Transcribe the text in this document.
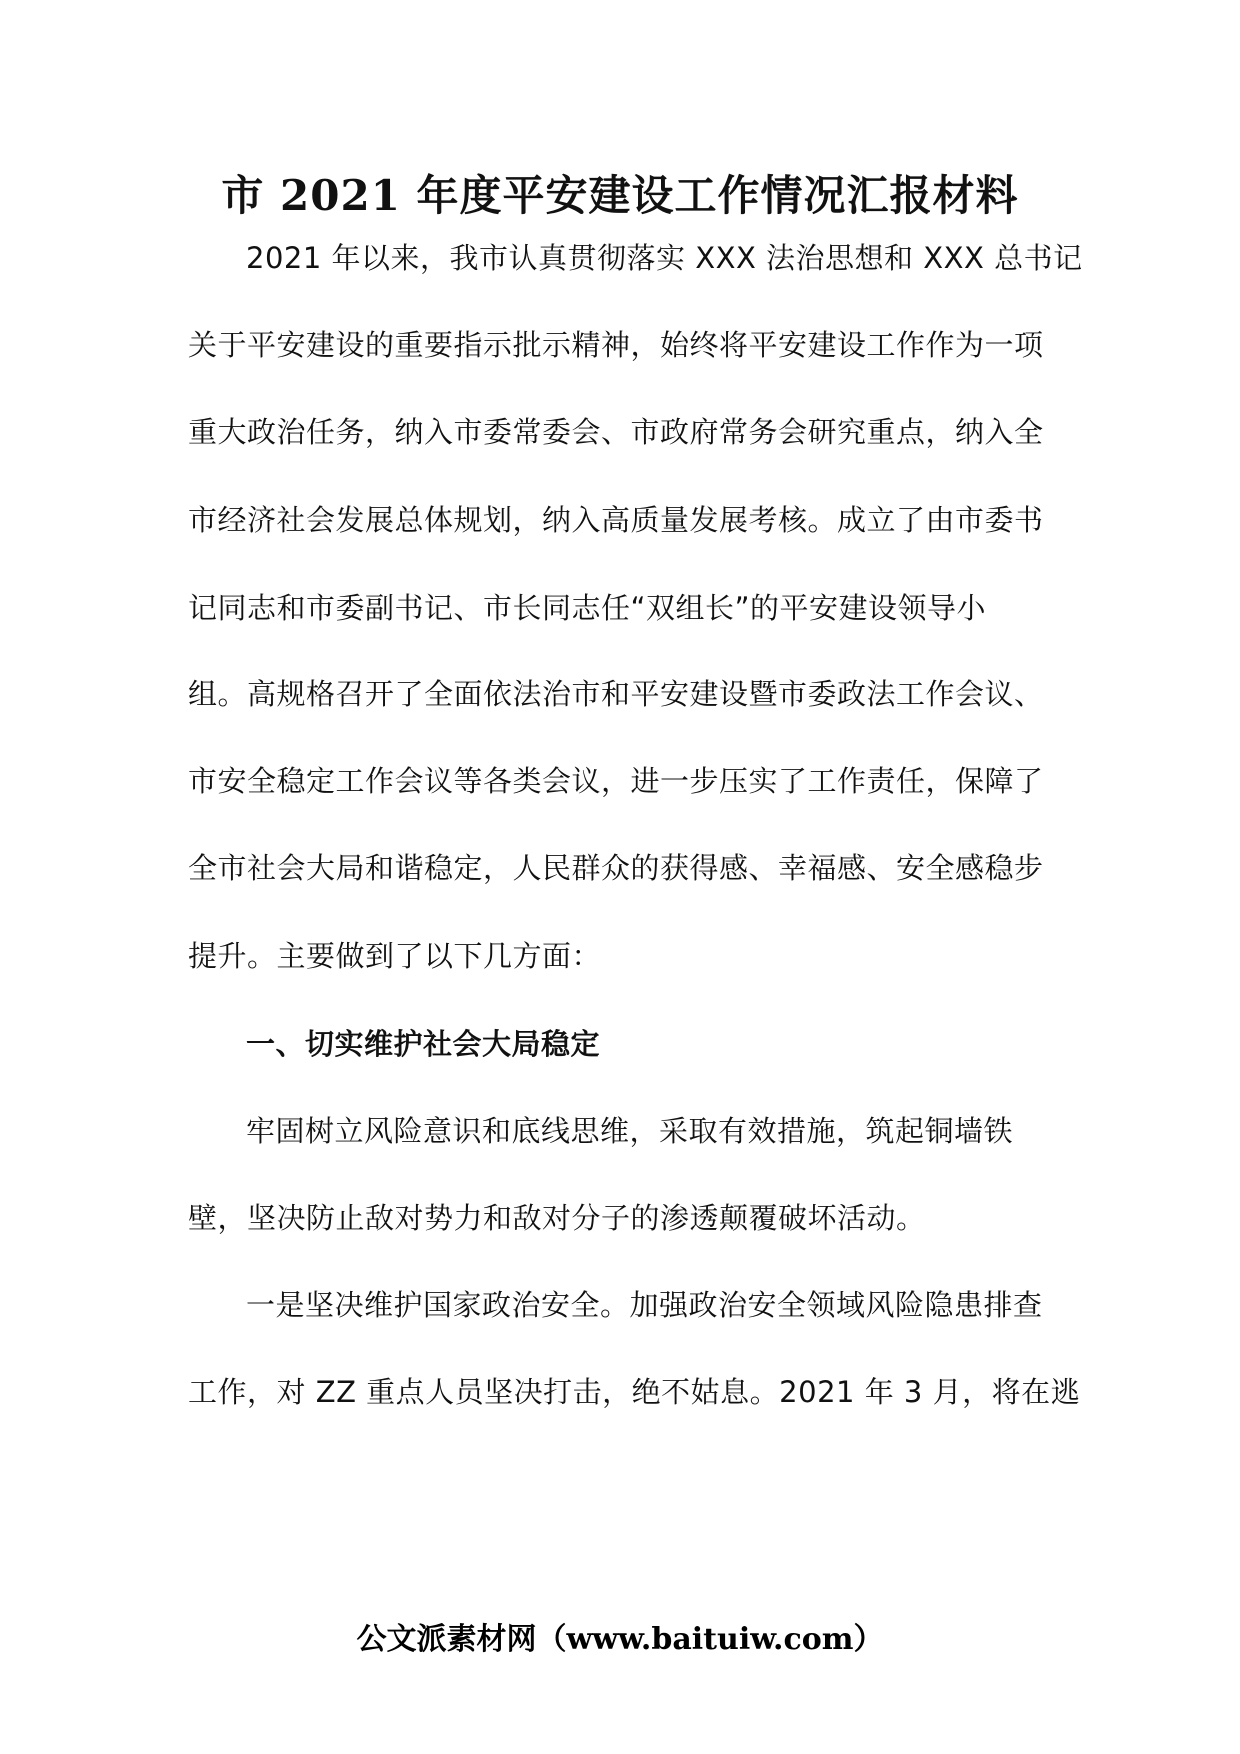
市 2021 年度平安建设工作情况汇报材料
2021 年以来，我市认真贯彻落实 XXX 法治思想和 XXX 总书记
关于平安建设的重要指示批示精神，始终将平安建设工作作为一项
重大政治任务，纳入市委常委会、市政府常务会研究重点，纳入全
市经济社会发展总体规划，纳入高质量发展考核。成立了由市委书
记同志和市委副书记、市长同志任“双组长”的平安建设领导小
组。高规格召开了全面依法治市和平安建设暨市委政法工作会议、
市安全稳定工作会议等各类会议，进一步压实了工作责任，保障了
全市社会大局和谐稳定，人民群众的获得感、幸福感、安全感稳步
提升。主要做到了以下几方面：
一、切实维护社会大局稳定
牢固树立风险意识和底线思维，采取有效措施，筑起铜墙铁
壁，坚决防止敌对势力和敌对分子的渗透颠覆破坏活动。
一是坚决维护国家政治安全。加强政治安全领域风险隐患排查
工作，对 ZZ 重点人员坚决打击，绝不姑息。2021 年 3 月，将在逃
公文派素材网（www.baituiw.com）
